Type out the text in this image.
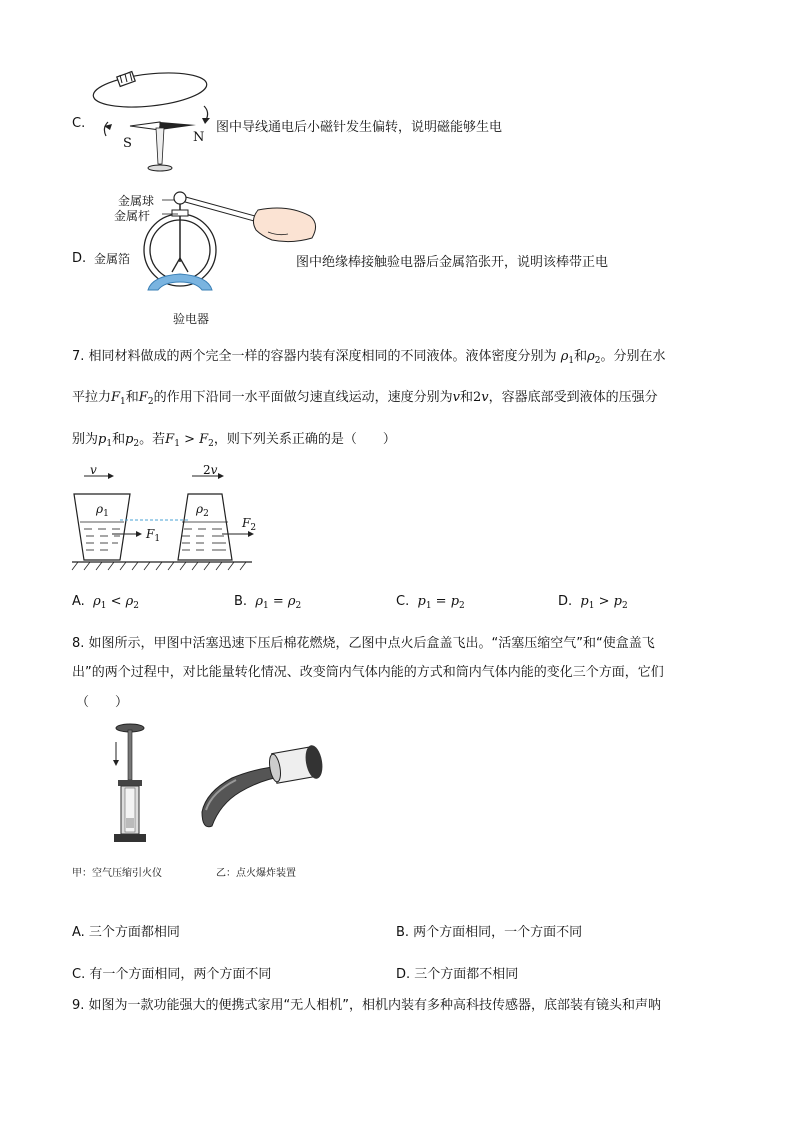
C.
S	N
图中导线通电后小磁针发生偏转，说明磁能够生电
金属球
金属杆
D. 金属箔
验电器
图中绝缘棒接触验电器后金属箔张开，说明该棒带正电
7. 相同材料做成的两个完全一样的容器内装有深度相同的不同液体。液体密度分别为 $\rho_1$和$\rho_2$。分别在水
平拉力$F_1$和$F_2$的作用下沿同一水平面做匀速直线运动，速度分别为v和2v，容器底部受到液体的压强分
别为$p_1$和$p_2$。若$F_1 > F_2$，则下列关系正确的是（　　）
v	2v
$\rho_1$	$\rho_2$
$F_1$
$F_2$
A. $\rho_1 < \rho_2$	B. $\rho_1 = \rho_2$	C. $p_1 = p_2$	D. $p_1 > p_2$
8. 如图所示，甲图中活塞迅速下压后棉花燃烧，乙图中点火后盒盖飞出。“活塞压缩空气”和“使盒盖飞
出”的两个过程中，对比能量转化情况、改变筒内气体内能的方式和筒内气体内能的变化三个方面，它们
（　　）
甲：空气压缩引火仪	乙：点火爆炸装置
A. 三个方面都相同	B. 两个方面相同，一个方面不同
C. 有一个方面相同，两个方面不同	D. 三个方面都不相同
9. 如图为一款功能强大的便携式家用“无人相机”，相机内装有多种高科技传感器，底部装有镜头和声呐
